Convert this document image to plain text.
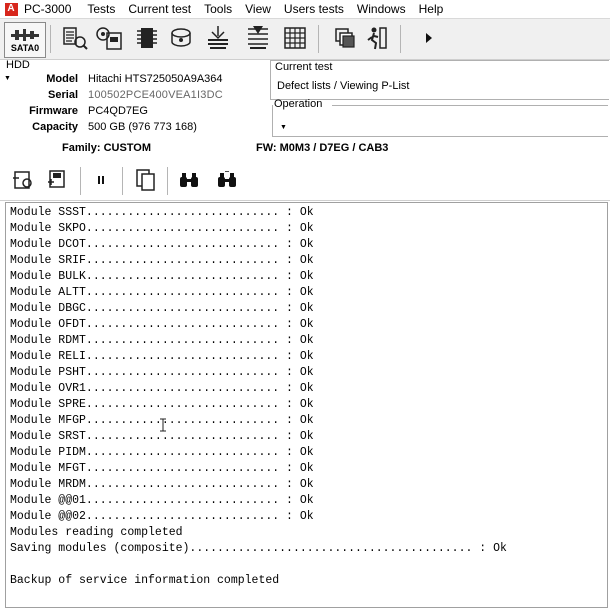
A PC-3000	Tests	Current test	Tools	View	Users tests	Windows	Help
SATA0
HDD
▼	Model Hitachi HTS725050A9A364
Serial 100502PCE400VEA1I3DC
Firmware PC4QD7EG
Capacity 500 GB (976 773 168)
Current test
Defect lists / Viewing P-List
Operation
▼
Family: CUSTOM	FW: M0M3 / D7EG / CAB3
Module SSST............................ : Ok
Module SKPO............................ : Ok
Module DCOT............................ : Ok
Module SRIF............................ : Ok
Module BULK............................ : Ok
Module ALTT............................ : Ok
Module DBGC............................ : Ok
Module OFDT............................ : Ok
Module RDMT............................ : Ok
Module RELI............................ : Ok
Module PSHT............................ : Ok
Module OVR1............................ : Ok
Module SPRE............................ : Ok
Module MFGP............................ : Ok
Module SRST............................ : Ok
Module PIDM............................ : Ok
Module MFGT............................ : Ok
Module MRDM............................ : Ok
Module @@01............................ : Ok
Module @@02............................ : Ok
Modules reading completed
Saving modules (composite)......................................... : Ok
Backup of service information completed
